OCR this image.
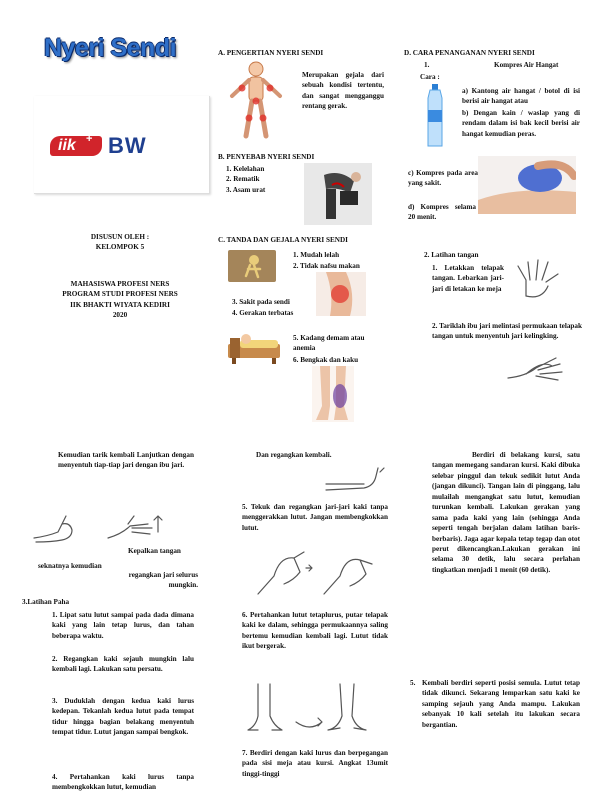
Nyeri Sendi
iik + BW
DISUSUN OLEH :
KELOMPOK 5
MAHASISWA PROFESI NERS
PROGRAM STUDI PROFESI NERS
IIK BHAKTI WIYATA KEDIRI
2020
A. PENGERTIAN NYERI SENDI
Merupakan gejala dari sebuah kondisi tertentu, dan sangat mengganggu rentang gerak.
B. PENYEBAB NYERI SENDI
1. Kelelahan
2. Rematik
3. Asam urat
C. TANDA DAN GEJALA NYERI SENDI
1. Mudah lelah
2. Tidak nafsu makan
3. Sakit pada sendi
4. Gerakan terbatas
5. Kadang demam atau anemia
6. Bengkak dan kaku
D. CARA PENANGANAN NYERI SENDI
1.	Kompres Air Hangat
Cara :
a) Kantong air hangat / botol di isi berisi air hangat atau
b) Dengan kain / waslap yang di rendam dalam isi bak kecil berisi air hangat kemudian peras.
c) Kompres pada area yang sakit.
d) Kompres selama 20 menit.
2. Latihan tangan
1. Letakkan telapak tangan. Lebarkan jari-jari di letakan ke meja
2. Tariklah ibu jari melintasi permukaan telapak tangan untuk menyentuh jari kelingking.
Kemudian tarik kembali Lanjutkan dengan menyentuh tiap-tiap jari dengan ibu jari.
Kepalkan tangan
seknatnya kemudian
regangkan jari selurus mungkin.
3.Latihan Paha
1. Lipat satu lutut sampai pada dada dimana kaki yang lain tetap lurus, dan tahan beberapa waktu.
2. Regangkan kaki sejauh mungkin lalu kembali lagi. Lakukan satu persatu.
3. Duduklah dengan kedua kaki lurus kedepan. Tekanlah kedua lutut pada tempat tidur hingga bagian belakang menyentuh tempat tidur. Lutut jangan sampai bengkok.
4. Pertahankan kaki lurus tanpa membengkokkan lutut, kemudian
Dan regangkan kembali.
5. Tekuk dan regangkan jari-jari kaki tanpa menggerakkan lutut. Jangan membengkokkan lutut.
6. Pertahankan lutut tetaplurus, putar telapak kaki ke dalam, sehingga permukaannya saling bertemu kemudian kembali lagi. Lutut tidak ikut bergerak.
7. Berdiri dengan kaki lurus dan berpegangan pada sisi meja atau kursi. Angkat 13umit tinggi-tinggi
Berdiri di belakang kursi, satu tangan memegang sandaran kursi. Kaki dibuka selebar pinggul dan tekuk sedikit lutut Anda (jangan dikunci). Tangan lain di pinggang, lalu mulailah mengangkat satu lutut, kemudian turunkan kembali. Lakukan gerakan yang sama pada kaki yang lain (sehingga Anda seperti tengah berjalan dalam latihan baris-berbaris). Jaga agar kepala tetap tegap dan otot perut dikencangkan.Lakukan gerakan ini selama 30 detik, lalu secara perlahan tingkatkan menjadi 1 menit (60 detik).
5. Kembali berdiri seperti posisi semula. Lutut tetap tidak dikunci. Sekarang lemparkan satu kaki ke samping sejauh yang Anda mampu. Lakukan sebanyak 10 kali setelah itu lakukan secara bergantian.
